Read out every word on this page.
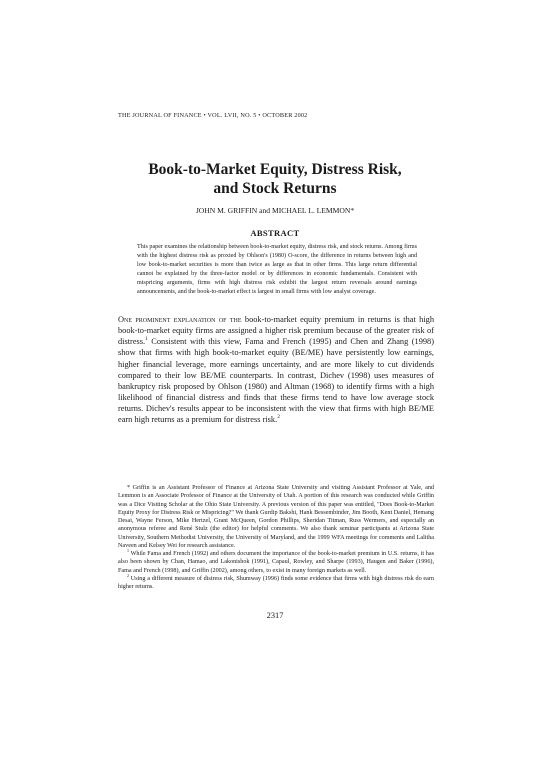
THE JOURNAL OF FINANCE • VOL. LVII, NO. 5 • OCTOBER 2002
Book-to-Market Equity, Distress Risk,
and Stock Returns
JOHN M. GRIFFIN and MICHAEL L. LEMMON*
ABSTRACT
This paper examines the relationship between book-to-market equity, distress risk, and stock returns. Among firms with the highest distress risk as proxied by Ohlson's (1980) O-score, the difference in returns between high and low book-to-market securities is more than twice as large as that in other firms. This large return differential cannot be explained by the three-factor model or by differences in economic fundamentals. Consistent with mispricing arguments, firms with high distress risk exhibit the largest return reversals around earnings announcements, and the book-to-market effect is largest in small firms with low analyst coverage.
One prominent explanation of the book-to-market equity premium in returns is that high book-to-market equity firms are assigned a higher risk premium because of the greater risk of distress.$^1$ Consistent with this view, Fama and French (1995) and Chen and Zhang (1998) show that firms with high book-to-market equity (BE/ME) have persistently low earnings, higher financial leverage, more earnings uncertainty, and are more likely to cut dividends compared to their low BE/ME counterparts. In contrast, Dichev (1998) uses measures of bankruptcy risk proposed by Ohlson (1980) and Altman (1968) to identify firms with a high likelihood of financial distress and finds that these firms tend to have low average stock returns. Dichev's results appear to be inconsistent with the view that firms with high BE/ME earn high returns as a premium for distress risk.$^2$

* Griffin is an Assistant Professor of Finance at Arizona State University and visiting Assistant Professor at Yale, and Lemmon is an Associate Professor of Finance at the University of Utah. A portion of this research was conducted while Griffin was a Dice Visiting Scholar at the Ohio State University. A previous version of this paper was entitled, "Does Book-to-Market Equity Proxy for Distress Risk or Mispricing?" We thank Gurdip Bakshi, Hank Bessembinder, Jim Booth, Kent Daniel, Hemang Desai, Wayne Ferson, Mike Hertzel, Grant McQueen, Gordon Phillips, Sheridan Titman, Russ Wermers, and especially an anonymous referee and René Stulz (the editor) for helpful comments. We also thank seminar participants at Arizona State University, Southern Methodist University, the University of Maryland, and the 1999 WFA meetings for comments and Lalitha Naveen and Kelsey Wei for research assistance.

$^1$ While Fama and French (1992) and others document the importance of the book-to-market premium in U.S. returns, it has also been shown by Chan, Hamao, and Lakonishok (1991), Capaul, Rowley, and Sharpe (1993), Haugen and Baker (1996), Fama and French (1998), and Griffin (2002), among others, to exist in many foreign markets as well.

$^2$ Using a different measure of distress risk, Shumway (1996) finds some evidence that firms with high distress risk do earn higher returns.

2317
